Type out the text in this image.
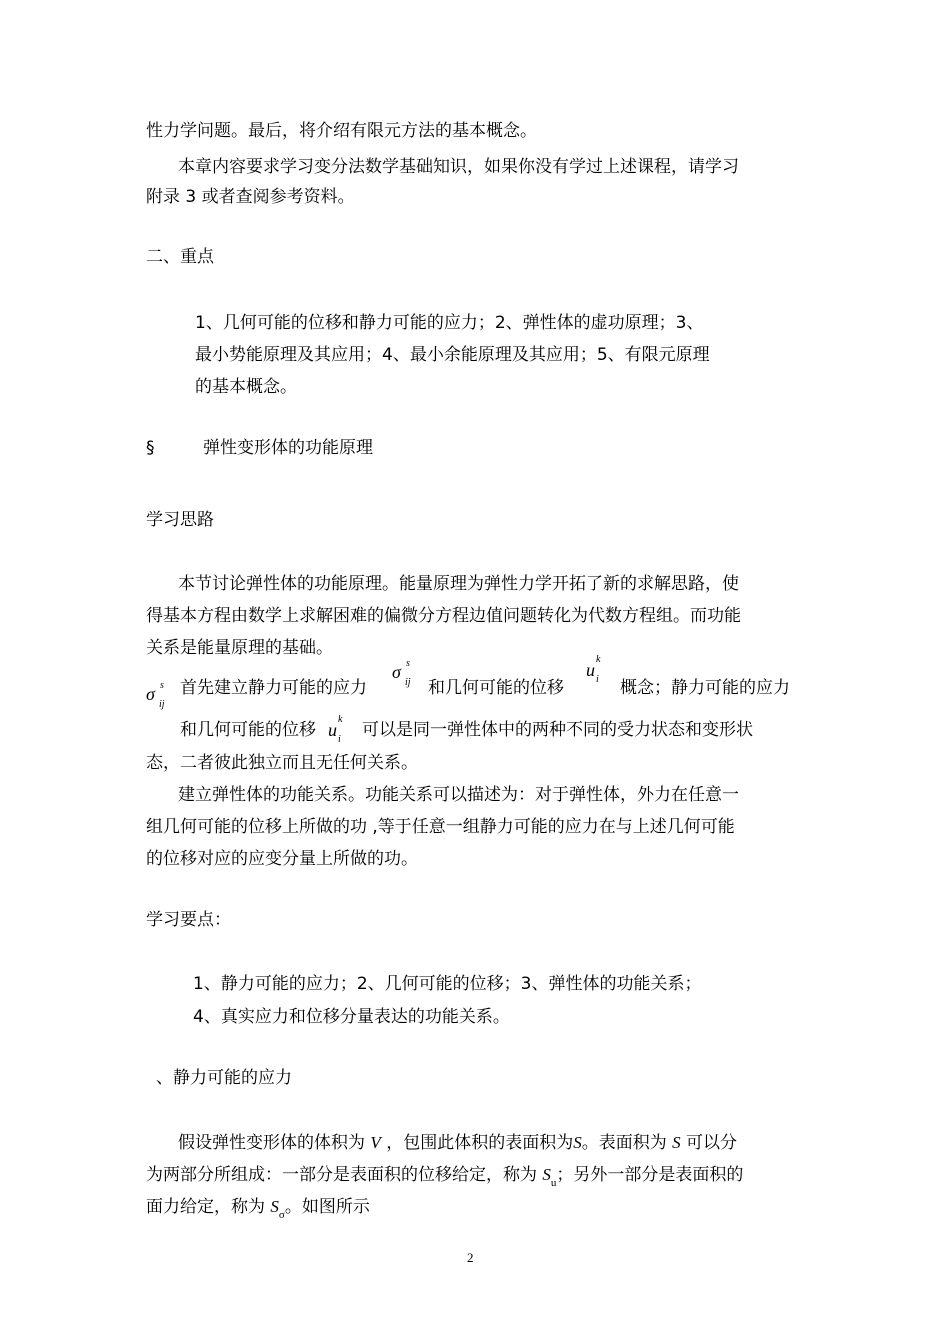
性力学问题。最后，将介绍有限元方法的基本概念。
本章内容要求学习变分法数学基础知识，如果你没有学过上述课程，请学习
附录 3 或者查阅参考资料。
二、重点
1、几何可能的位移和静力可能的应力；2、弹性体的虚功原理；3、
最小势能原理及其应用；4、最小余能原理及其应用；5、有限元原理
的基本概念。
§	弹性变形体的功能原理
学习思路
本节讨论弹性体的功能原理。能量原理为弹性力学开拓了新的求解思路，使
得基本方程由数学上求解困难的偏微分方程边值问题转化为代数方程组。而功能
关系是能量原理的基础。
σ s
ij
首先建立静力可能的应力
σ s
ij 和几何可能的位移
u
k
i 概念；静力可能的应力
和几何可能的位移 u
k
i 可以是同一弹性体中的两种不同的受力状态和变形状
态，二者彼此独立而且无任何关系。
建立弹性体的功能关系。功能关系可以描述为：对于弹性体，外力在任意一
组几何可能的位移上所做的功 ,等于任意一组静力可能的应力在与上述几何可能
的位移对应的应变分量上所做的功。
学习要点：
1、静力可能的应力；2、几何可能的位移；3、弹性体的功能关系；
4、真实应力和位移分量表达的功能关系。
、静力可能的应力
假设弹性变形体的体积为 V ，包围此体积的表面积为S。表面积为 S 可以分
为两部分所组成：一部分是表面积的位移给定，称为 $S_u$；另外一部分是表面积的
面力给定，称为 $S_\sigma$。如图所示
2
